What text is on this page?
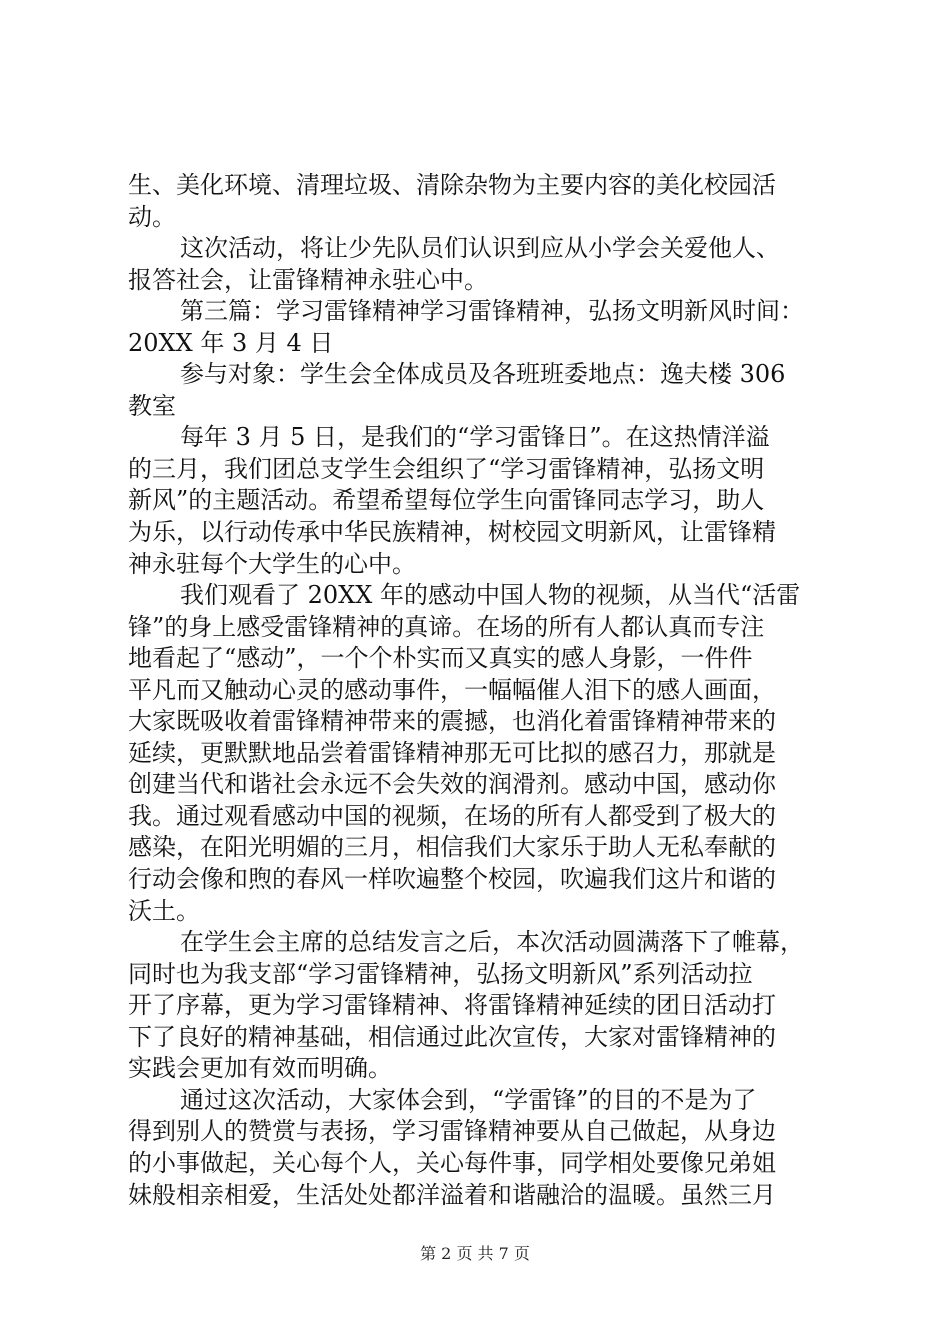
生、美化环境、清理垃圾、清除杂物为主要内容的美化校园活
动。
这次活动，将让少先队员们认识到应从小学会关爱他人、
报答社会，让雷锋精神永驻心中。
第三篇：学习雷锋精神学习雷锋精神，弘扬文明新风时间：
20XX 年 3 月 4 日
参与对象：学生会全体成员及各班班委地点：逸夫楼 306
教室
每年 3 月 5 日，是我们的“学习雷锋日”。在这热情洋溢
的三月，我们团总支学生会组织了“学习雷锋精神，弘扬文明
新风”的主题活动。希望希望每位学生向雷锋同志学习，助人
为乐，以行动传承中华民族精神，树校园文明新风，让雷锋精
神永驻每个大学生的心中。
我们观看了 20XX 年的感动中国人物的视频，从当代“活雷
锋”的身上感受雷锋精神的真谛。在场的所有人都认真而专注
地看起了“感动”，一个个朴实而又真实的感人身影，一件件
平凡而又触动心灵的感动事件，一幅幅催人泪下的感人画面，
大家既吸收着雷锋精神带来的震撼，也消化着雷锋精神带来的
延续，更默默地品尝着雷锋精神那无可比拟的感召力，那就是
创建当代和谐社会永远不会失效的润滑剂。感动中国，感动你
我。通过观看感动中国的视频，在场的所有人都受到了极大的
感染，在阳光明媚的三月，相信我们大家乐于助人无私奉献的
行动会像和煦的春风一样吹遍整个校园，吹遍我们这片和谐的
沃土。
在学生会主席的总结发言之后，本次活动圆满落下了帷幕，
同时也为我支部“学习雷锋精神，弘扬文明新风”系列活动拉
开了序幕，更为学习雷锋精神、将雷锋精神延续的团日活动打
下了良好的精神基础，相信通过此次宣传，大家对雷锋精神的
实践会更加有效而明确。
通过这次活动，大家体会到，“学雷锋”的目的不是为了
得到别人的赞赏与表扬，学习雷锋精神要从自己做起，从身边
的小事做起，关心每个人，关心每件事，同学相处要像兄弟姐
妹般相亲相爱，生活处处都洋溢着和谐融洽的温暖。虽然三月
第 2 页 共 7 页
